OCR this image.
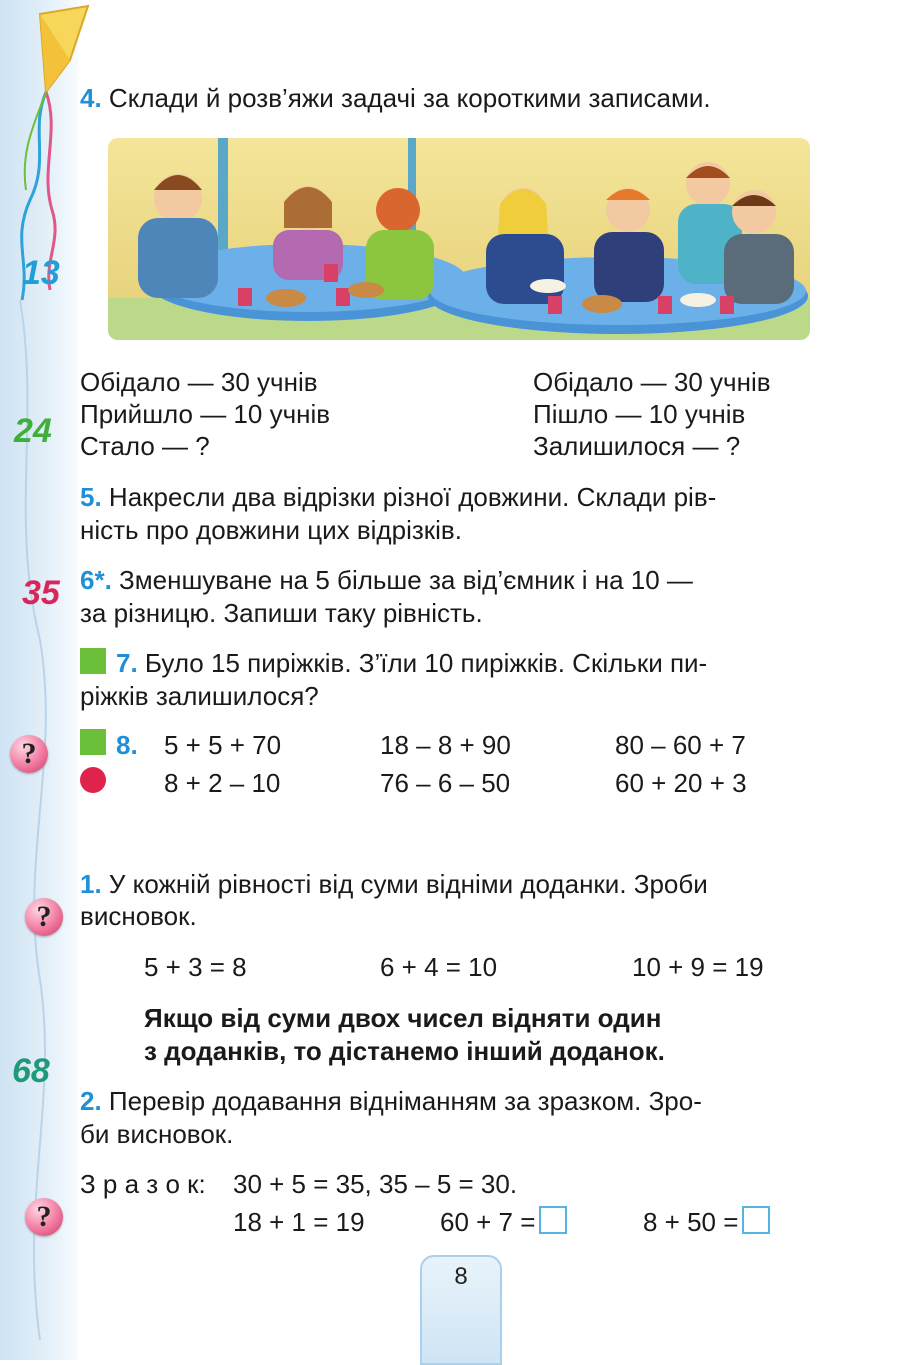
13
24
35
68
?
?
?
4. Склади й розв’яжи задачі за короткими записами.
Обідало — 30 учнів
Прийшло — 10 учнів
Стало — ?
Обідало — 30 учнів
Пішло — 10 учнів
Залишилося — ?
5. Накресли два відрізки різної довжини. Склади рів-
ність про довжини цих відрізків.
6*. Зменшуване на 5 більше за від’ємник і на 10 —
за різницю. Запиши таку рівність.
7. Було 15 пиріжків. З’їли 10 пиріжків. Скільки пи-
ріжків залишилося?
8. 5 + 5 + 70	18 – 8 + 90	80 – 60 + 7
8 + 2 – 10	76 – 6 – 50	60 + 20 + 3
1. У кожній рівності від суми відніми доданки. Зроби
висновок.
5 + 3 = 8	6 + 4 = 10	10 + 9 = 19
Якщо від суми двох чисел відняти один
з доданків, то дістанемо інший доданок.
2. Перевір додавання відніманням за зразком. Зро-
би висновок.
З р а з о к: 30 + 5 = 35, 35 – 5 = 30.
18 + 1 = 19	60 + 7 =	8 + 50 =
8
